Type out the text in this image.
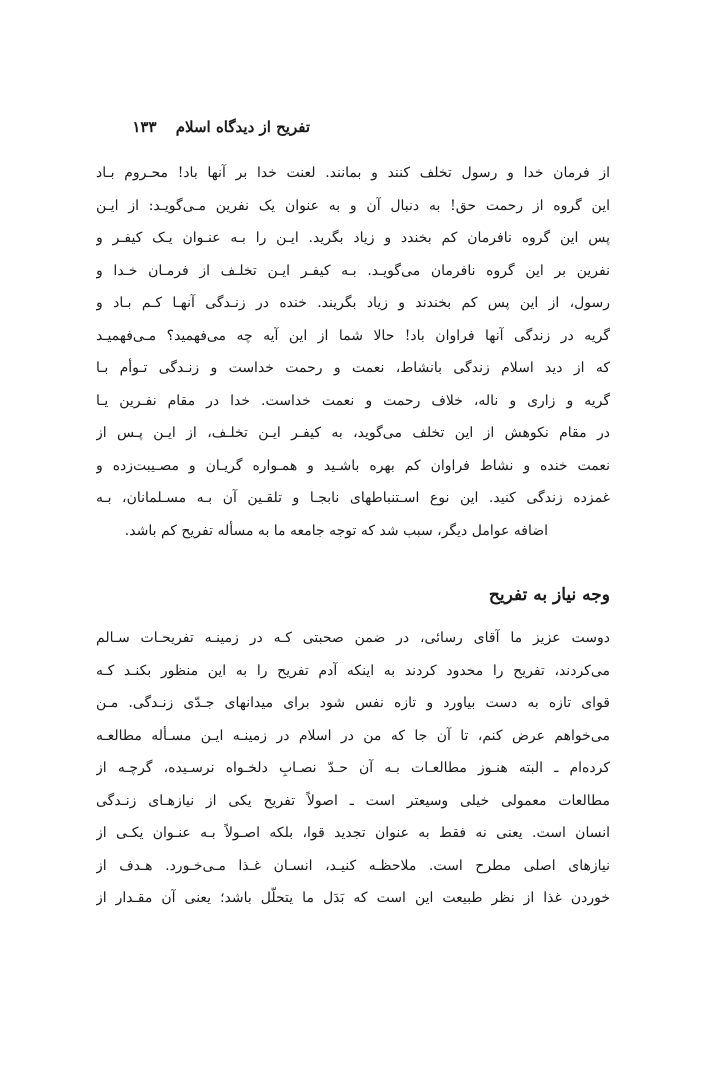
تفریح از دیدگاه اسلام ۱۳۳
از فرمان خدا و رسول تخلف کنند و بمانند. لعنت خدا بر آنها باد! محـروم بـاد
این گروه از رحمت حق! به دنبال آن و به عنوان یک نفرین مـی‌گویـد: از ایـن
پس این گروه نافرمان کم بخندد و زیاد بگرید. ایـن را بـه عنـوان یـک کیفـر و
نفرین بر این گروه نافرمان می‌گویـد. بـه کیفـر ایـن تخلـف از فرمـان خـدا و
رسول، از این پس کم بخندند و زیاد بگریند. خنده در زنـدگی آنهـا کـم بـاد و
گریه در زندگی آنها فراوان باد! حالا شما از این آیه چه می‌فهمید؟ مـی‌فهمیـد
که از دید اسلام زندگی بانشاط، نعمت و رحمت خداست و زنـدگی تـوأم بـا
گریه و زاری و ناله، خلاف رحمت و نعمت خداست. خدا در مقام نفـرین یـا
در مقام نکوهش از این تخلف می‌گوید، به کیفـر ایـن تخلـف، از ایـن پـس از
نعمت خنده و نشاط فراوان کم بهره باشـید و همـواره گریـان و مصـیبت‌زده و
غمزده زندگی کنید. این نوع اسـتنباطهای نابجـا و تلقـین آن بـه مسـلمانان، بـه
اضافه عوامل دیگر، سبب شد که توجه جامعه ما به مسأله تفریح کم باشد.
وجه نیاز به تفریح
دوست عزیز ما آقای رسائی، در ضمن صحبتی کـه در زمینـه تفریحـات سـالم
می‌کردند، تفریح را محدود کردند به اینکه آدم تفریح را به این منظور بکنـد کـه
قوای تازه به دست بیاورد و تازه نفس شود برای میدانهای جـدّی زنـدگی. مـن
می‌خواهم عرض کنم، تا آن جا که من در اسلام در زمینـه ایـن مسـأله مطالعـه
کرده‌ام ـ البته هنـوز مطالعـات بـه آن حـدّ نصـابِ دلخـواه نرسـیده، گرچـه از
مطالعات معمولی خیلی وسیعتر است ـ اصولاً تفریح یکی از نیازهـای زنـدگی
انسان است. یعنی نه فقط به عنوان تجدید قوا، بلکه اصـولاً بـه عنـوان یکـی از
نیازهای اصلی مطرح است. ملاحظـه کنیـد، انسـان غـذا مـی‌خـورد. هـدف از
خوردن غذا از نظر طبیعت این است که بَدَل ما یتحلّل باشد؛ یعنی آن مقـدار از
